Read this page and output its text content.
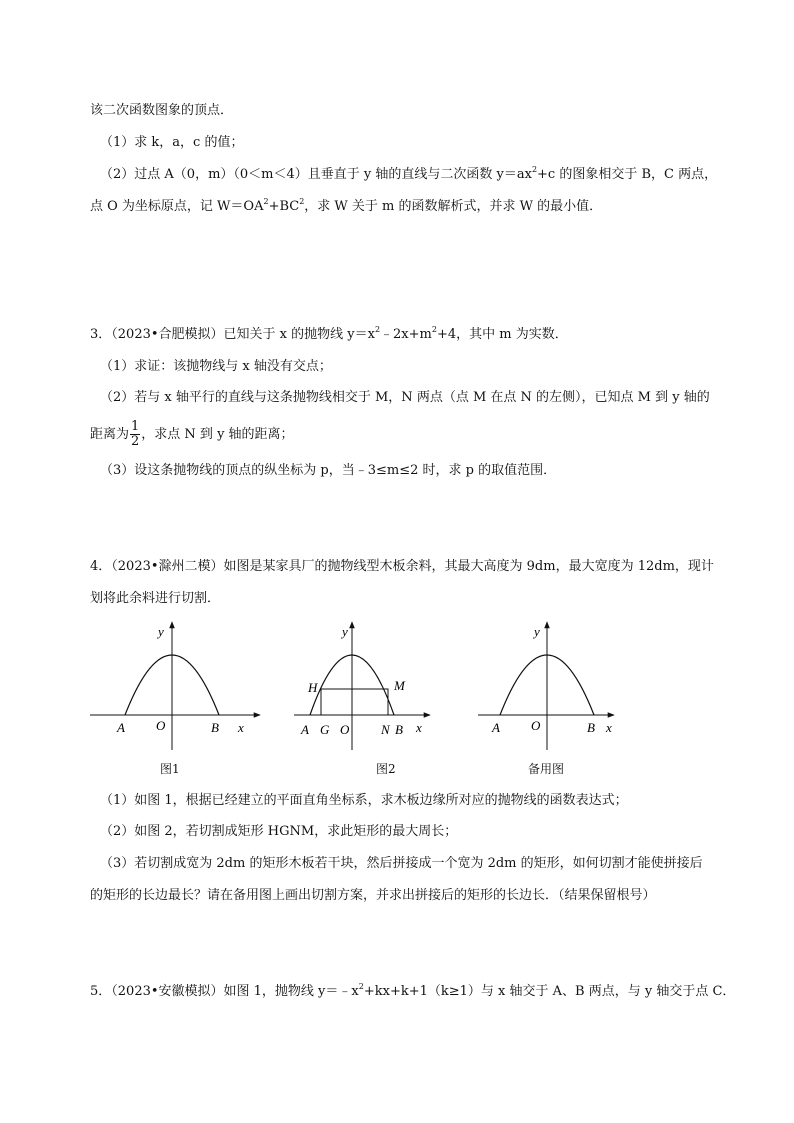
该二次函数图象的顶点．
（1）求 k，a，c 的值；
（2）过点 A（0，m）（0＜m＜4）且垂直于 y 轴的直线与二次函数 $y=ax^2+c$ 的图象相交于 B，C 两点，
点 O 为坐标原点，记 $W=OA^2+BC^2$，求 W 关于 m 的函数解析式，并求 W 的最小值．
3．（2023•合肥模拟）已知关于 x 的抛物线 $y=x^2﹣2x+m^2+4$，其中 m 为实数．
（1）求证：该抛物线与 x 轴没有交点；
（2）若与 x 轴平行的直线与这条抛物线相交于 M，N 两点（点 M 在点 N 的左侧），已知点 M 到 y 轴的
距离为 $\frac{1}{2}$ ，求点 N 到 y 轴的距离；
（3）设这条抛物线的顶点的纵坐标为 p，当﹣3≤m≤2 时，求 p 的取值范围．
4．（2023•滁州二模）如图是某家具厂的抛物线型木板余料，其最大高度为 9dm，最大宽度为 12dm，现计
划将此余料进行切割．
y
x
A O	B
图1
y
x
H	M
A G O N B
图2
y
x
A O	B
备用图
（1）如图 1，根据已经建立的平面直角坐标系，求木板边缘所对应的抛物线的函数表达式；
（2）如图 2，若切割成矩形 HGNM，求此矩形的最大周长；
（3）若切割成宽为 2dm 的矩形木板若干块，然后拼接成一个宽为 2dm 的矩形，如何切割才能使拼接后
的矩形的长边最长？请在备用图上画出切割方案，并求出拼接后的矩形的长边长．（结果保留根号）
5．（2023•安徽模拟）如图 1，抛物线 $y=﹣x^2+kx+k+1(k\ge 1)$与 x 轴交于 A、B 两点，与 y 轴交于点 C．
